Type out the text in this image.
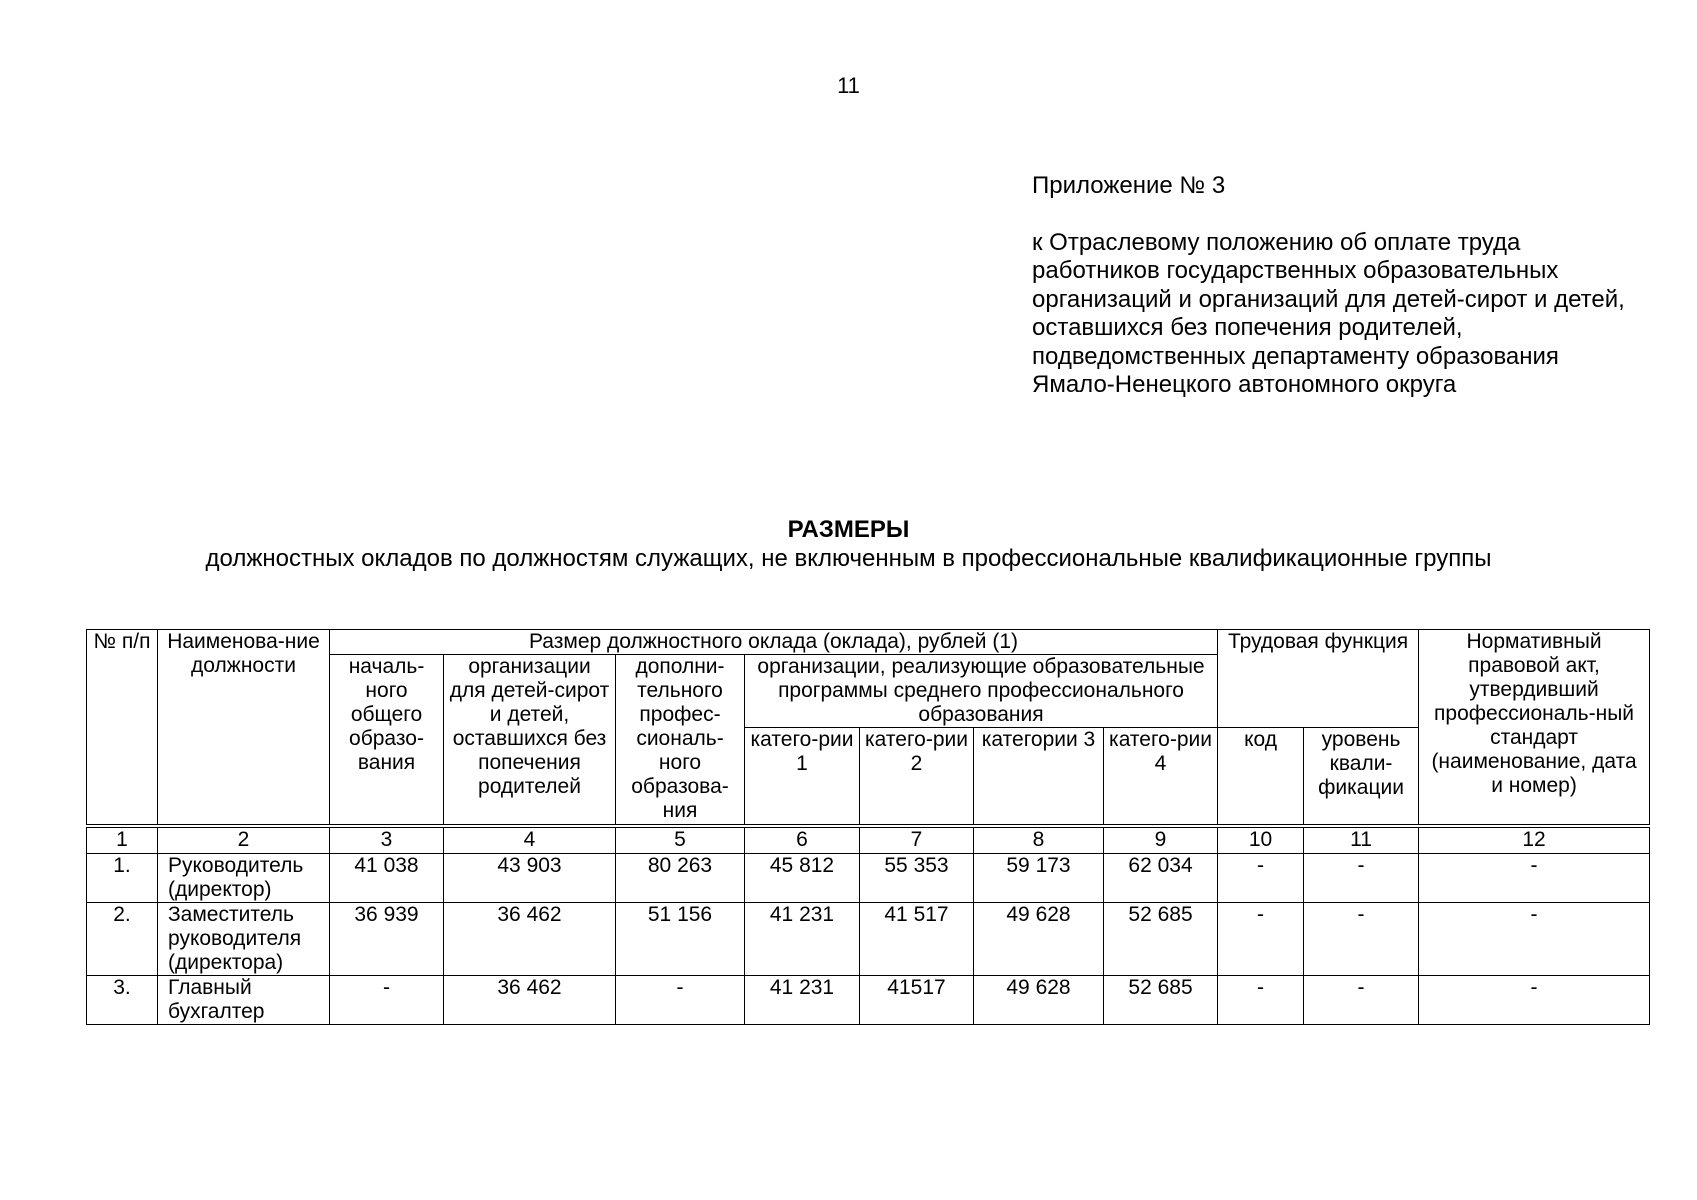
11

Приложение № 3

к Отраслевому положению об оплате труда работников государственных образовательных организаций и организаций для детей-сирот и детей, оставшихся без попечения родителей, подведомственных департаменту образования Ямало-Ненецкого автономного округа

РАЗМЕРЫ
должностных окладов по должностям служащих, не включенным в профессиональные квалификационные группы
№ п/п	Наименова-ние должности	Размер должностного оклада (оклада), рублей (1)							Трудовая функция		Нормативный правовой акт, утвердивший профессиональ-ный стандарт (наименование, дата и номер)
		началь-ного общего образо-вания	организации для детей-сирот и детей, оставшихся без попечения родителей	дополни-тельного профес-сиональ-ного образова-ния	организации, реализующие образовательные программы среднего профессионального образования						
					катего-рии 1	катего-рии 2	категории 3	катего-рии 4	код	уровень квали-фикации	
1	2	3	4	5	6	7	8	9	10	11	12
1.	Руководитель (директор)	41 038	43 903	80 263	45 812	55 353	59 173	62 034	-	-	-
2.	Заместитель руководителя (директора)	36 939	36 462	51 156	41 231	41 517	49 628	52 685	-	-	-
3.	Главный бухгалтер	-	36 462	-	41 231	41517	49 628	52 685	-	-	-
